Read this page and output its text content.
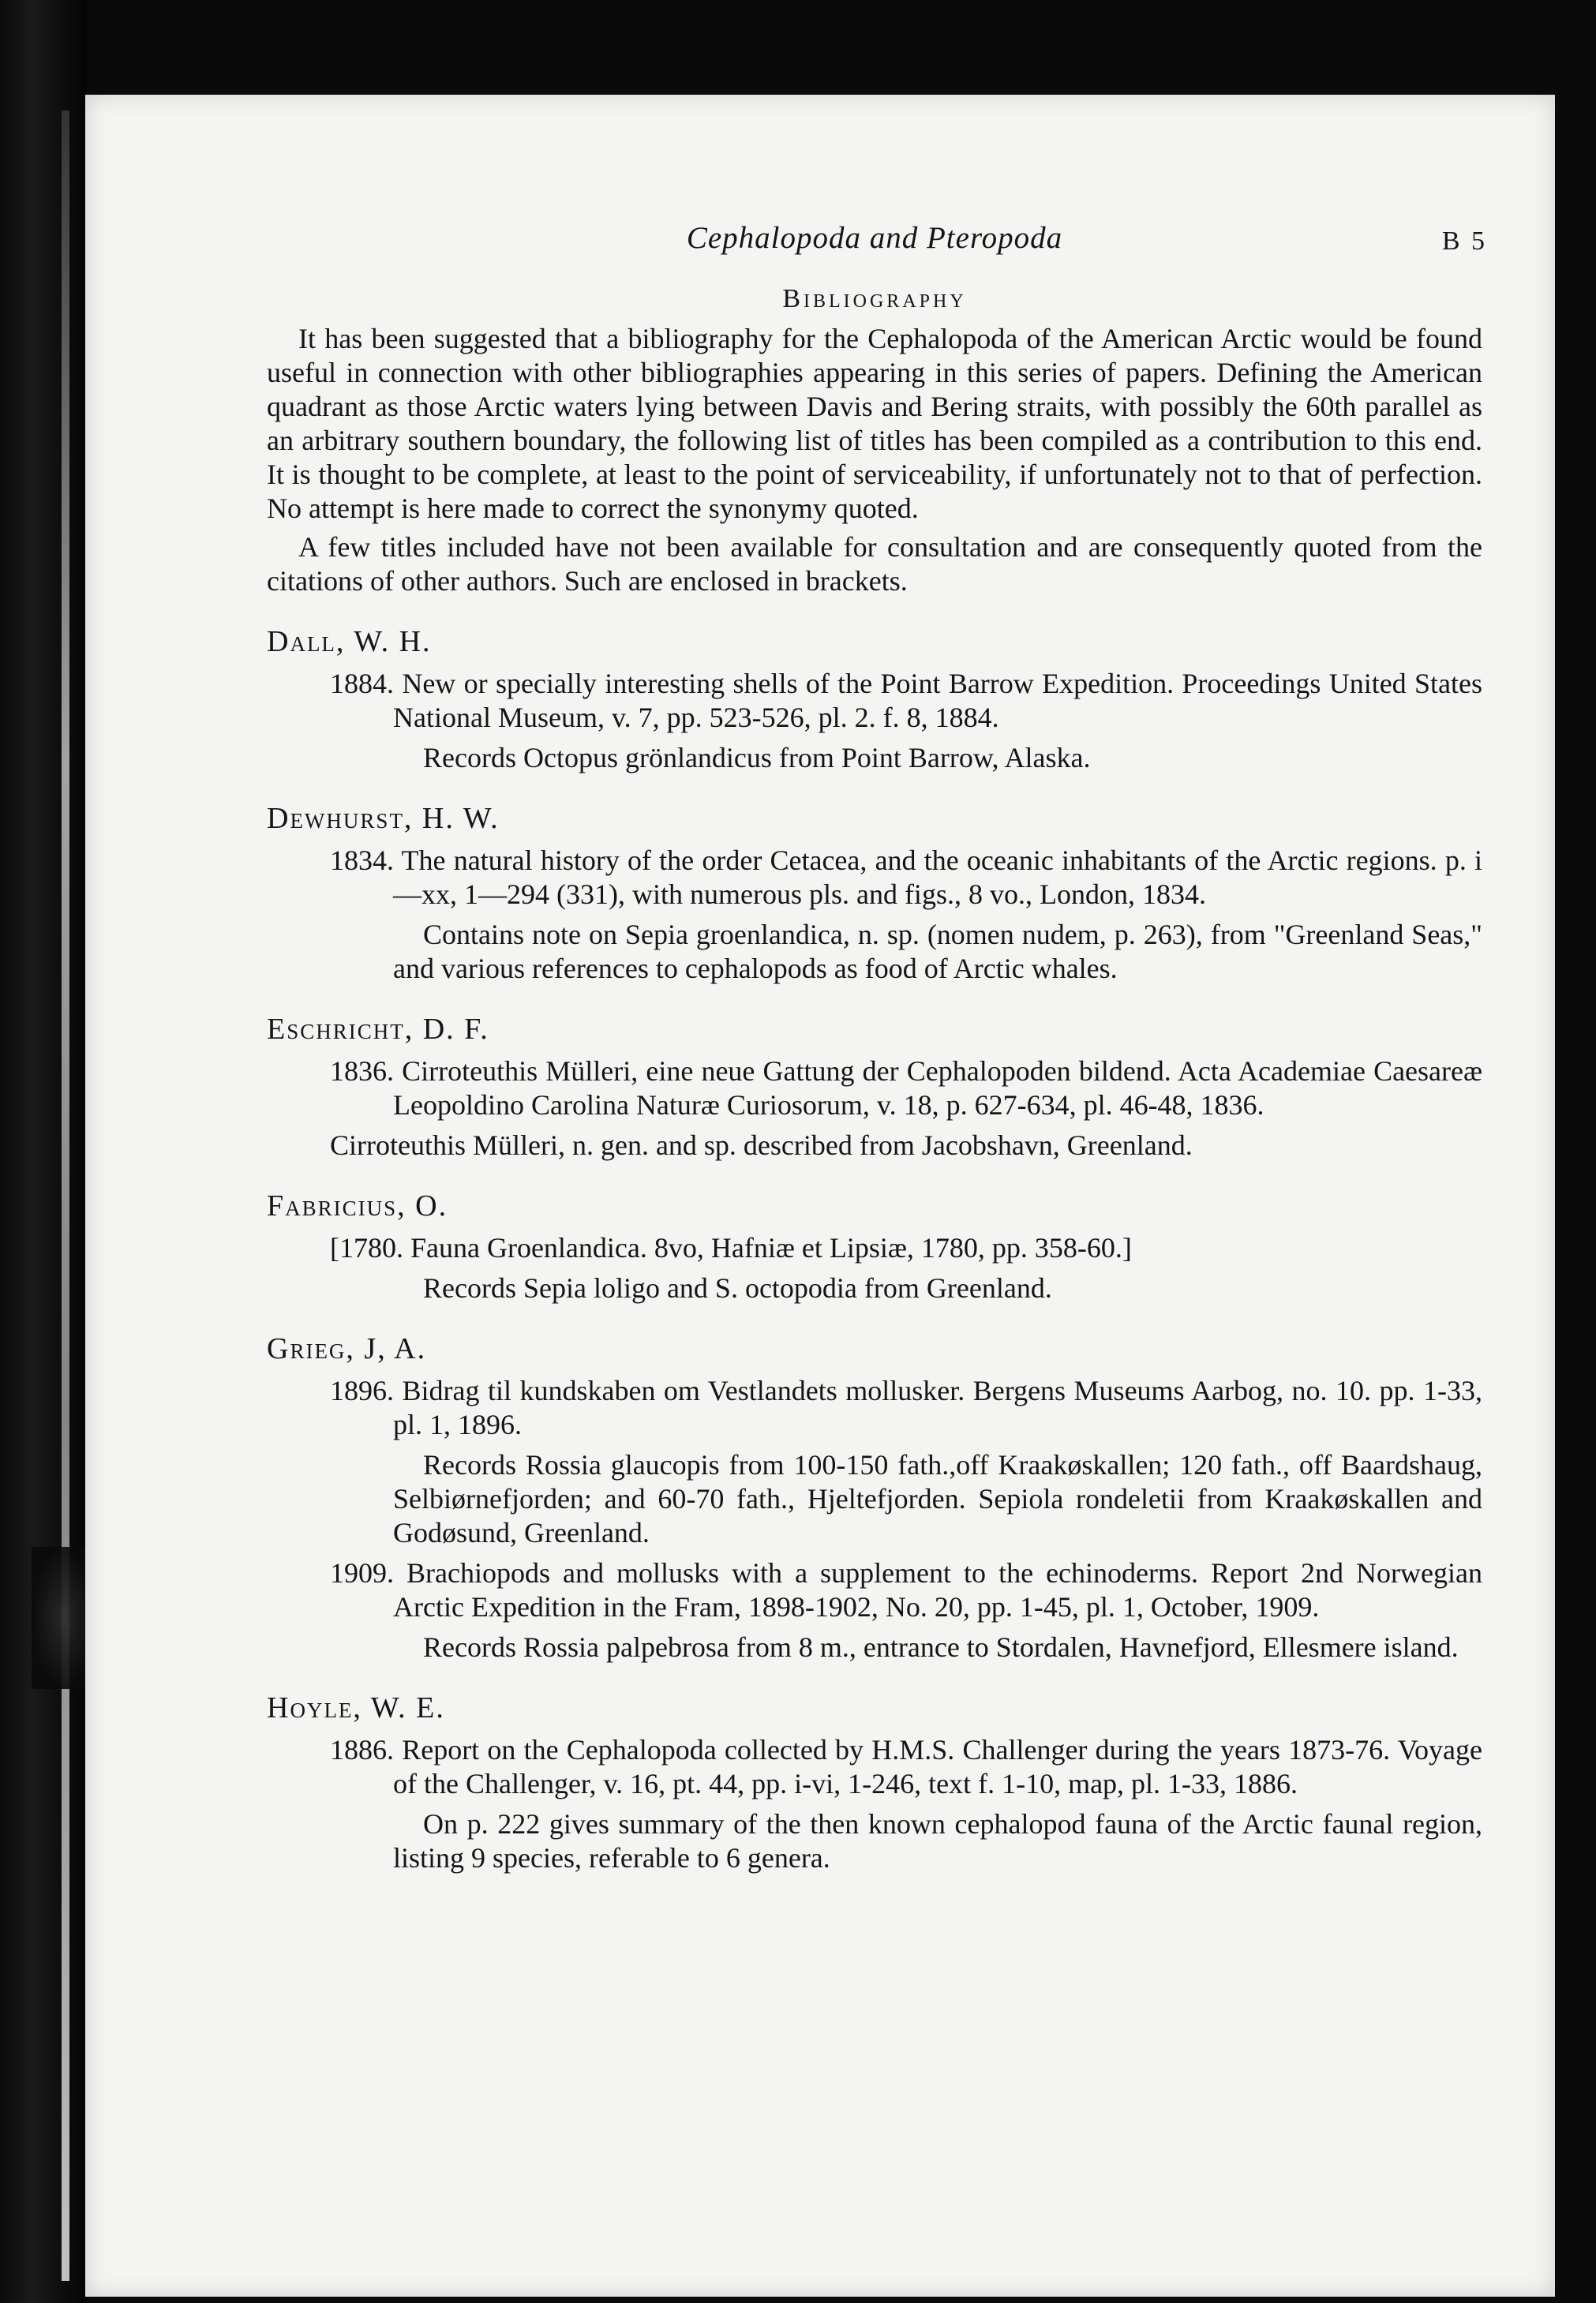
Cephalopoda and Pteropoda	B 5
Bibliography

It has been suggested that a bibliography for the Cephalopoda of the American Arctic would be found useful in connection with other bibliographies appearing in this series of papers. Defining the American quadrant as those Arctic waters lying between Davis and Bering straits, with possibly the 60th parallel as an arbitrary southern boundary, the following list of titles has been compiled as a contribution to this end. It is thought to be complete, at least to the point of serviceability, if unfortunately not to that of perfection. No attempt is here made to correct the synonymy quoted.

A few titles included have not been available for consultation and are consequently quoted from the citations of other authors. Such are enclosed in brackets.

Dall, W. H.
1884. New or specially interesting shells of the Point Barrow Expedition. Proceedings United States National Museum, v. 7, pp. 523-526, pl. 2. f. 8, 1884.
Records Octopus grönlandicus from Point Barrow, Alaska.
Dewhurst, H. W.
1834. The natural history of the order Cetacea, and the oceanic inhabitants of the Arctic regions. p. i—xx, 1—294 (331), with numerous pls. and figs., 8 vo., London, 1834.
Contains note on Sepia groenlandica, n. sp. (nomen nudem, p. 263), from "Greenland Seas," and various references to cephalopods as food of Arctic whales.
Eschricht, D. F.
1836. Cirroteuthis Mülleri, eine neue Gattung der Cephalopoden bildend. Acta Academiae Caesareæ Leopoldino Carolina Naturæ Curiosorum, v. 18, p. 627-634, pl. 46-48, 1836.
Cirroteuthis Mülleri, n. gen. and sp. described from Jacobshavn, Greenland.
Fabricius, O.
[1780. Fauna Groenlandica. 8vo, Hafniæ et Lipsiæ, 1780, pp. 358-60.]
Records Sepia loligo and S. octopodia from Greenland.
Grieg, J, A.
1896. Bidrag til kundskaben om Vestlandets mollusker. Bergens Museums Aarbog, no. 10. pp. 1-33, pl. 1, 1896.
Records Rossia glaucopis from 100-150 fath.,off Kraakøskallen; 120 fath., off Baardshaug, Selbiørnefjorden; and 60-70 fath., Hjeltefjorden. Sepiola rondeletii from Kraakøskallen and Godøsund, Greenland.
1909. Brachiopods and mollusks with a supplement to the echinoderms. Report 2nd Norwegian Arctic Expedition in the Fram, 1898-1902, No. 20, pp. 1-45, pl. 1, October, 1909.
Records Rossia palpebrosa from 8 m., entrance to Stordalen, Havnefjord, Ellesmere island.
Hoyle, W. E.
1886. Report on the Cephalopoda collected by H.M.S. Challenger during the years 1873-76. Voyage of the Challenger, v. 16, pt. 44, pp. i-vi, 1-246, text f. 1-10, map, pl. 1-33, 1886.
On p. 222 gives summary of the then known cephalopod fauna of the Arctic faunal region, listing 9 species, referable to 6 genera.
